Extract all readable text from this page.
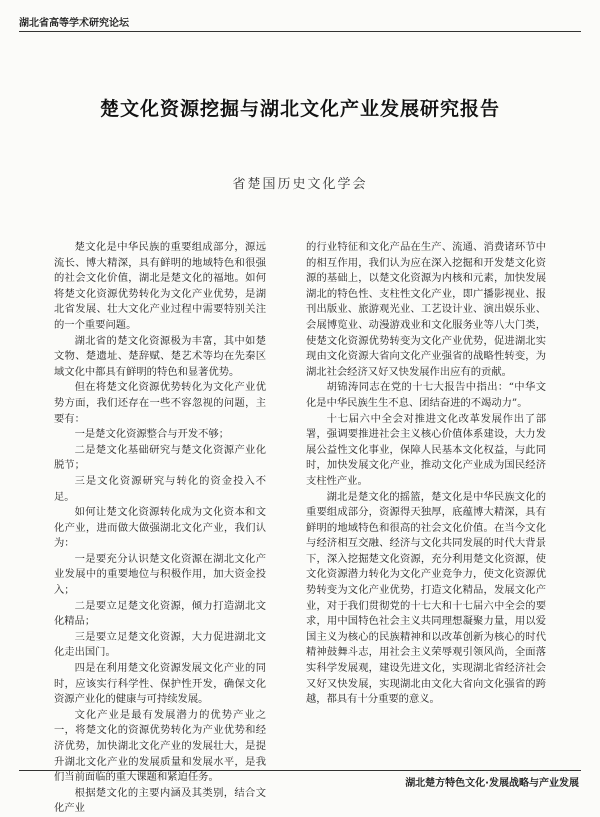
湖北省高等学术研究论坛
楚文化资源挖掘与湖北文化产业发展研究报告
省楚国历史文化学会

楚文化是中华民族的重要组成部分，源远流长、博大精深，具有鲜明的地域特色和很强的社会文化价值，湖北是楚文化的福地。如何将楚文化资源优势转化为文化产业优势，是湖北省发展、壮大文化产业过程中需要特别关注的一个重要问题。

湖北省的楚文化资源极为丰富，其中如楚文物、楚遗址、楚辞赋、楚艺术等均在先秦区域文化中都具有鲜明的特色和显著优势。

但在将楚文化资源优势转化为文化产业优势方面，我们还存在一些不容忽视的问题，主要有：

一是楚文化资源整合与开发不够；

二是楚文化基础研究与楚文化资源产业化脱节；

三是文化资源研究与转化的资金投入不足。

如何让楚文化资源转化成为文化资本和文化产业，进而做大做强湖北文化产业，我们认为：

一是要充分认识楚文化资源在湖北文化产业发展中的重要地位与积极作用，加大资金投入；

二是要立足楚文化资源，倾力打造湖北文化精品；

三是要立足楚文化资源，大力促进湖北文化走出国门。

四是在利用楚文化资源发展文化产业的同时，应该实行科学性、保护性开发，确保文化资源产业化的健康与可持续发展。

文化产业是最有发展潜力的优势产业之一，将楚文化的资源优势转化为产业优势和经济优势，加快湖北文化产业的发展壮大，是提升湖北文化产业的发展质量和发展水平，是我们当前面临的重大课题和紧迫任务。

根据楚文化的主要内涵及其类别，结合文化产业

的行业特征和文化产品在生产、流通、消费诸环节中的相互作用，我们认为应在深入挖掘和开发楚文化资源的基础上，以楚文化资源为内核和元素，加快发展湖北的特色性、支柱性文化产业，即广播影视业、报刊出版业、旅游观光业、工艺设计业、演出娱乐业、会展博览业、动漫游戏业和文化服务业等八大门类，使楚文化资源优势转变为文化产业优势，促进湖北实现由文化资源大省向文化产业强省的战略性转变，为湖北社会经济又好又快发展作出应有的贡献。

胡锦涛同志在党的十七大报告中指出：“中华文化是中华民族生生不息、团结奋进的不竭动力”。

十七届六中全会对推进文化改革发展作出了部署，强调要推进社会主义核心价值体系建设，大力发展公益性文化事业，保障人民基本文化权益，与此同时，加快发展文化产业，推动文化产业成为国民经济支柱性产业。

湖北是楚文化的摇篮，楚文化是中华民族文化的重要组成部分，资源得天独厚，底蕴博大精深，具有鲜明的地域特色和很高的社会文化价值。在当今文化与经济相互交融、经济与文化共同发展的时代大背景下，深入挖掘楚文化资源，充分利用楚文化资源，使文化资源潜力转化为文化产业竞争力，使文化资源优势转变为文化产业优势，打造文化精品，发展文化产业，对于我们贯彻党的十七大和十七届六中全会的要求，用中国特色社会主义共同理想凝聚力量，用以爱国主义为核心的民族精神和以改革创新为核心的时代精神鼓舞斗志，用社会主义荣辱观引领风尚，全面落实科学发展观，建设先进文化，实现湖北省经济社会又好又快发展，实现湖北由文化大省向文化强省的跨越，都具有十分重要的意义。

湖北楚方特色文化·发展战略与产业发展
